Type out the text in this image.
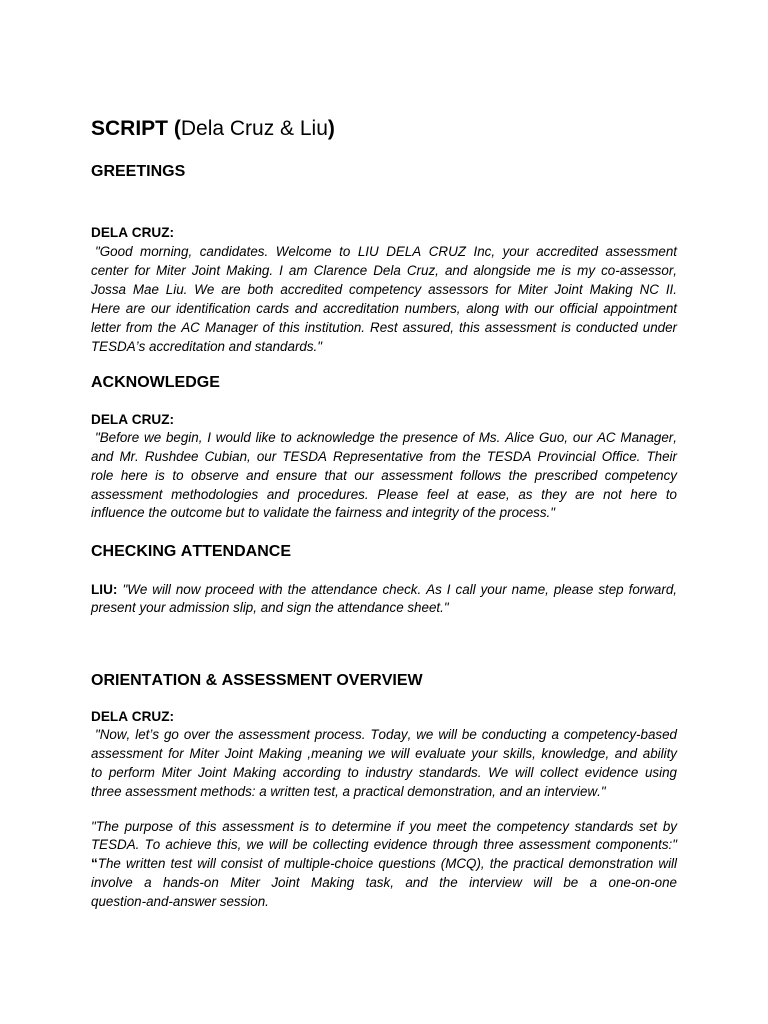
SCRIPT (Dela Cruz & Liu)
GREETINGS
DELA CRUZ:
"Good morning, candidates. Welcome to LIU DELA CRUZ Inc, your accredited assessment
center for Miter Joint Making. I am Clarence Dela Cruz, and alongside me is my co-assessor,
Jossa Mae Liu. We are both accredited competency assessors for Miter Joint Making NC II.
Here are our identification cards and accreditation numbers, along with our official appointment
letter from the AC Manager of this institution. Rest assured, this assessment is conducted under
TESDA’s accreditation and standards."
ACKNOWLEDGE
DELA CRUZ:
"Before we begin, I would like to acknowledge the presence of Ms. Alice Guo, our AC Manager,
and Mr. Rushdee Cubian, our TESDA Representative from the TESDA Provincial Office. Their
role here is to observe and ensure that our assessment follows the prescribed competency
assessment methodologies and procedures. Please feel at ease, as they are not here to
influence the outcome but to validate the fairness and integrity of the process."
CHECKING ATTENDANCE
LIU: "We will now proceed with the attendance check. As I call your name, please step forward,
present your admission slip, and sign the attendance sheet."
ORIENTATION & ASSESSMENT OVERVIEW
DELA CRUZ:
"Now, let’s go over the assessment process. Today, we will be conducting a competency-based
assessment for Miter Joint Making ,meaning we will evaluate your skills, knowledge, and ability
to perform Miter Joint Making according to industry standards. We will collect evidence using
three assessment methods: a written test, a practical demonstration, and an interview."
"The purpose of this assessment is to determine if you meet the competency standards set by
TESDA. To achieve this, we will be collecting evidence through three assessment components:"
“The written test will consist of multiple-choice questions (MCQ), the practical demonstration will
involve a hands-on Miter Joint Making task, and the interview will be a one-on-one
question-and-answer session.
